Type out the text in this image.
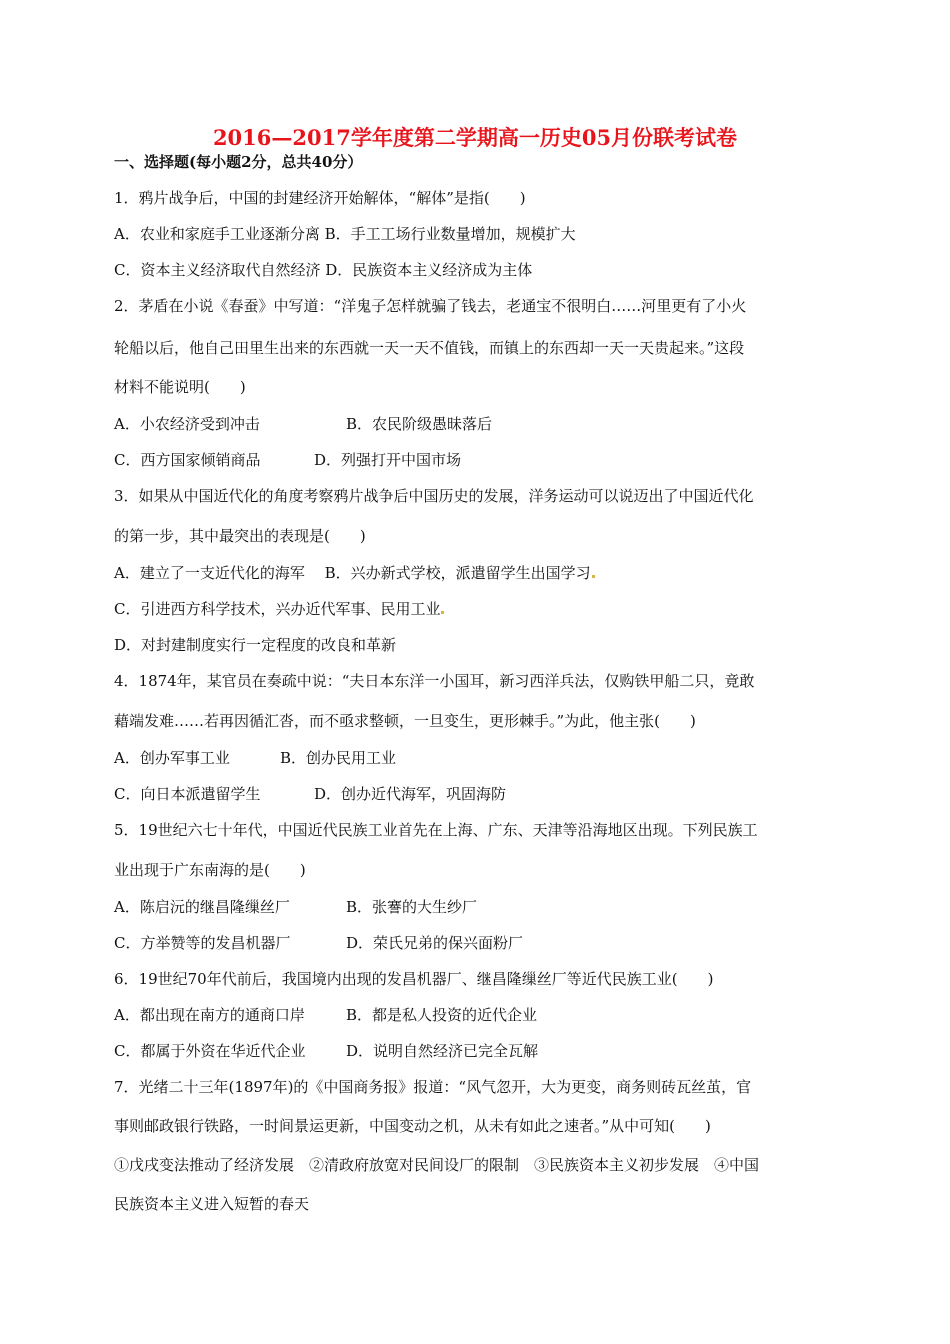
2016—2017学年度第二学期高一历史05月份联考试卷
一、选择题(每小题2分，总共40分）
1．鸦片战争后，中国的封建经济开始解体，“解体”是指(　　)
A．农业和家庭手工业逐渐分离 B．手工工场行业数量增加，规模扩大
C．资本主义经济取代自然经济 D．民族资本主义经济成为主体
2．茅盾在小说《春蚕》中写道：“洋鬼子怎样就骗了钱去，老通宝不很明白……河里更有了小火
轮船以后，他自己田里生出来的东西就一天一天不值钱，而镇上的东西却一天一天贵起来。”这段
材料不能说明(　　)
A．小农经济受到冲击	B．农民阶级愚昧落后
C．西方国家倾销商品	D．列强打开中国市场
3．如果从中国近代化的角度考察鸦片战争后中国历史的发展，洋务运动可以说迈出了中国近代化
的第一步，其中最突出的表现是(　　)
A．建立了一支近代化的海军　 B．兴办新式学校，派遣留学生出国学习
C．引进西方科学技术，兴办近代军事、民用工业
D．对封建制度实行一定程度的改良和革新
4．1874年，某官员在奏疏中说：“夫日本东洋一小国耳，新习西洋兵法，仅购铁甲船二只，竟敢
藉端发难……若再因循汇沓，而不亟求整顿，一旦变生，更形棘手。”为此，他主张(　　)
A．创办军事工业	B．创办民用工业
C．向日本派遣留学生	D．创办近代海军，巩固海防
5．19世纪六七十年代，中国近代民族工业首先在上海、广东、天津等沿海地区出现。下列民族工
业出现于广东南海的是(　　)
A．陈启沅的继昌隆缫丝厂	B．张謇的大生纱厂
C．方举赞等的发昌机器厂	D．荣氏兄弟的保兴面粉厂
6．19世纪70年代前后，我国境内出现的发昌机器厂、继昌隆缫丝厂等近代民族工业(　　)
A．都出现在南方的通商口岸	B．都是私人投资的近代企业
C．都属于外资在华近代企业	D．说明自然经济已完全瓦解
7．光绪二十三年(1897年)的《中国商务报》报道：“风气忽开，大为更变，商务则砖瓦丝茧，官
事则邮政银行铁路，一时间景运更新，中国变动之机，从未有如此之速者。”从中可知(　　)
①戊戌变法推动了经济发展　②清政府放宽对民间设厂的限制　③民族资本主义初步发展　④中国
民族资本主义进入短暂的春天
